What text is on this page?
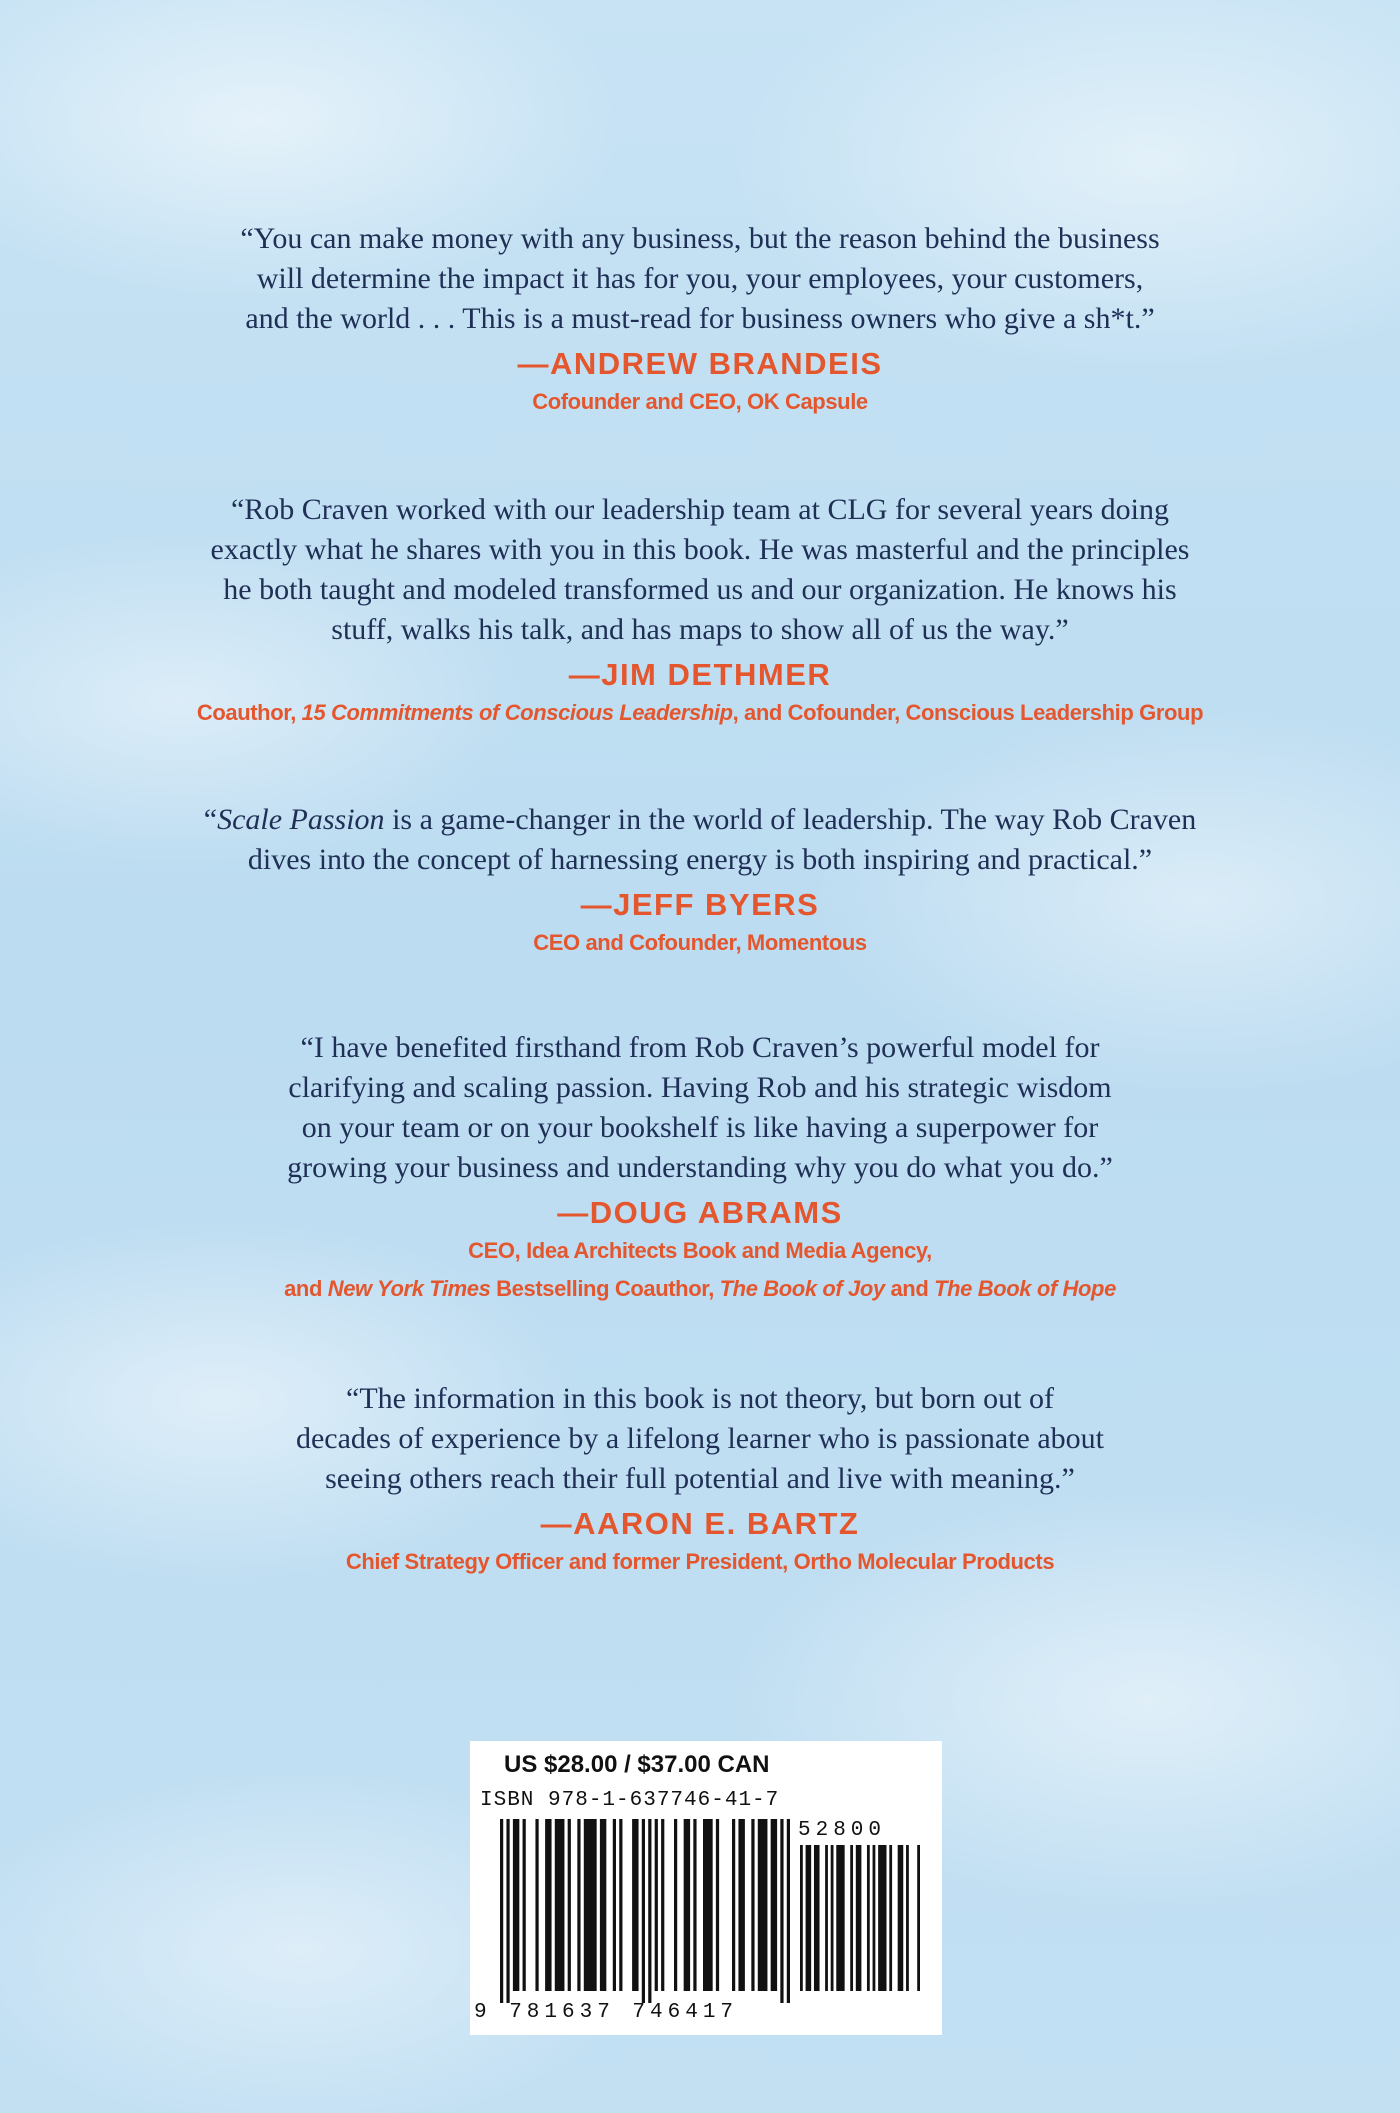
“You can make money with any business, but the reason behind the business
will determine the impact it has for you, your employees, your customers,
and the world . . . This is a must-read for business owners who give a sh*t.”
—ANDREW BRANDEIS
Cofounder and CEO, OK Capsule
“Rob Craven worked with our leadership team at CLG for several years doing
exactly what he shares with you in this book. He was masterful and the principles
he both taught and modeled transformed us and our organization. He knows his
stuff, walks his talk, and has maps to show all of us the way.”
—JIM DETHMER
Coauthor, 15 Commitments of Conscious Leadership, and Cofounder, Conscious Leadership Group
“Scale Passion is a game-changer in the world of leadership. The way Rob Craven
dives into the concept of harnessing energy is both inspiring and practical.”
—JEFF BYERS
CEO and Cofounder, Momentous
“I have benefited firsthand from Rob Craven’s powerful model for
clarifying and scaling passion. Having Rob and his strategic wisdom
on your team or on your bookshelf is like having a superpower for
growing your business and understanding why you do what you do.”
—DOUG ABRAMS
CEO, Idea Architects Book and Media Agency,
and New York Times Bestselling Coauthor, The Book of Joy and The Book of Hope
“The information in this book is not theory, but born out of
decades of experience by a lifelong learner who is passionate about
seeing others reach their full potential and live with meaning.”
—AARON E. BARTZ
Chief Strategy Officer and former President, Ortho Molecular Products
US $28.00 / $37.00 CAN
ISBN 978-1-637746-41-7
52800
9 781637 746417
